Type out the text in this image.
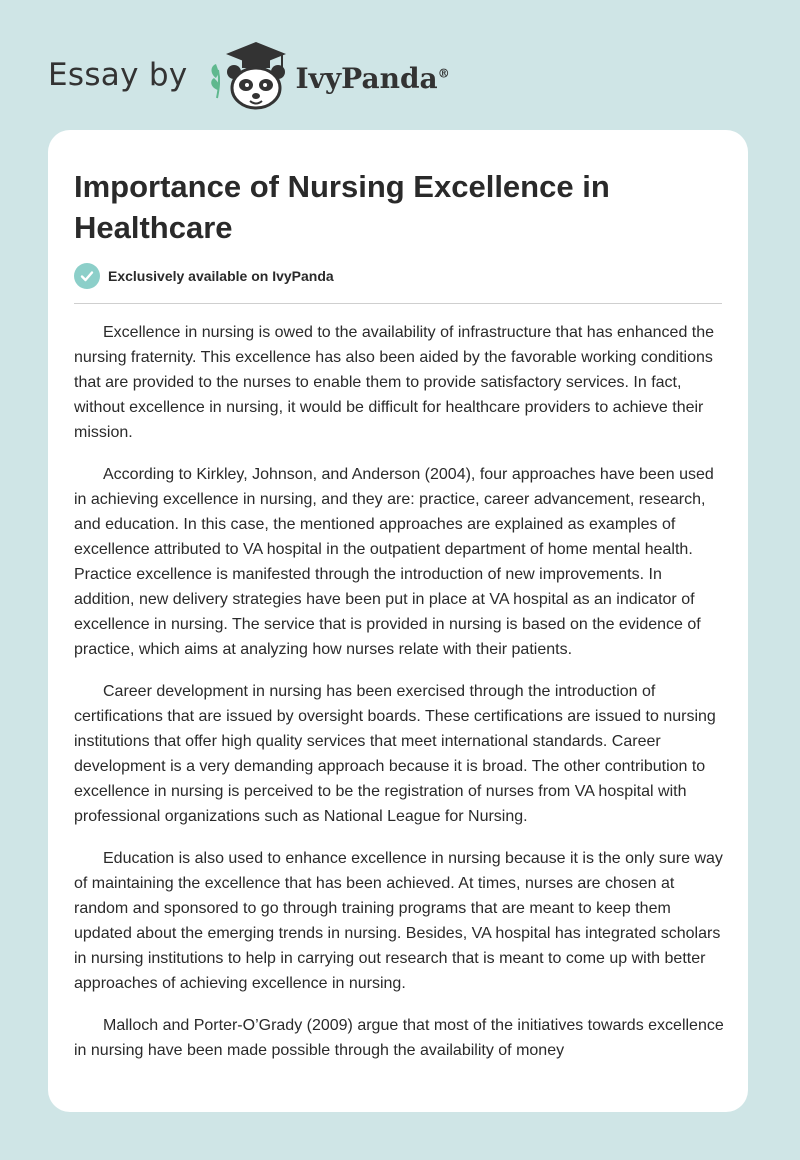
Essay by	IvyPanda®
Importance of Nursing Excellence in Healthcare
Exclusively available on IvyPanda

Excellence in nursing is owed to the availability of infrastructure that has enhanced the nursing fraternity. This excellence has also been aided by the favorable working conditions that are provided to the nurses to enable them to provide satisfactory services. In fact, without excellence in nursing, it would be difficult for healthcare providers to achieve their mission.

According to Kirkley, Johnson, and Anderson (2004), four approaches have been used in achieving excellence in nursing, and they are: practice, career advancement, research, and education. In this case, the mentioned approaches are explained as examples of excellence attributed to VA hospital in the outpatient department of home mental health. Practice excellence is manifested through the introduction of new improvements. In addition, new delivery strategies have been put in place at VA hospital as an indicator of excellence in nursing. The service that is provided in nursing is based on the evidence of practice, which aims at analyzing how nurses relate with their patients.

Career development in nursing has been exercised through the introduction of certifications that are issued by oversight boards. These certifications are issued to nursing institutions that offer high quality services that meet international standards. Career development is a very demanding approach because it is broad. The other contribution to excellence in nursing is perceived to be the registration of nurses from VA hospital with professional organizations such as National League for Nursing.

Education is also used to enhance excellence in nursing because it is the only sure way of maintaining the excellence that has been achieved. At times, nurses are chosen at random and sponsored to go through training programs that are meant to keep them updated about the emerging trends in nursing. Besides, VA hospital has integrated scholars in nursing institutions to help in carrying out research that is meant to come up with better approaches of achieving excellence in nursing.

Malloch and Porter-O’Grady (2009) argue that most of the initiatives towards excellence in nursing have been made possible through the availability of money
